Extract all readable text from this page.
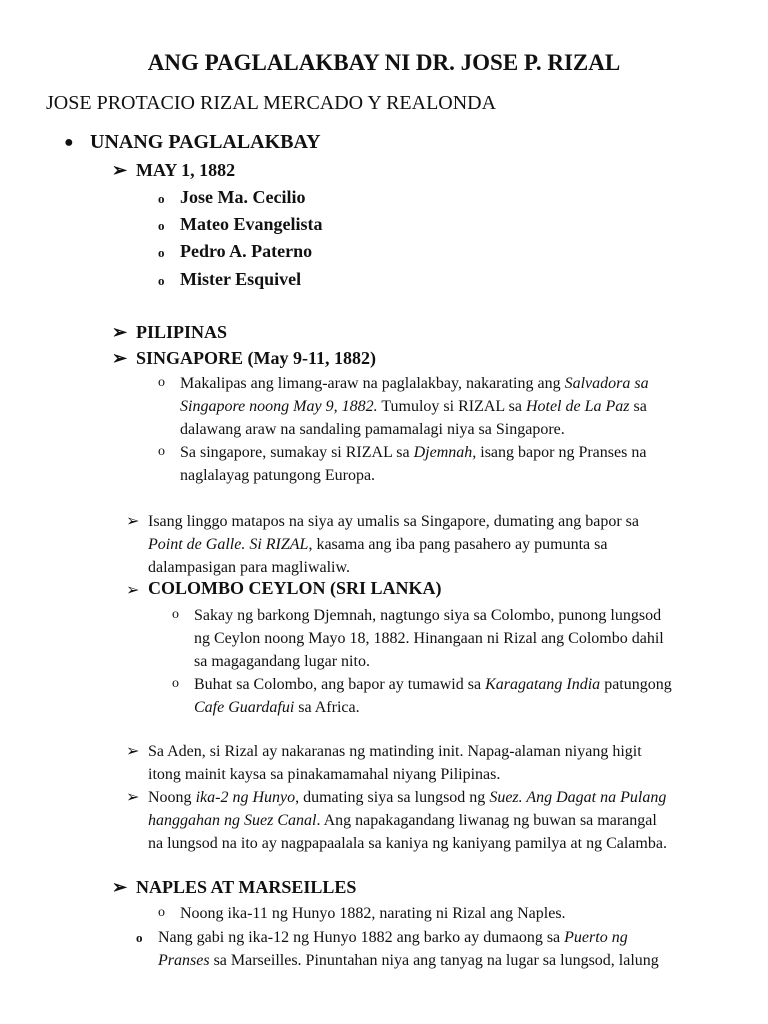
ANG PAGLALAKBAY NI DR. JOSE P. RIZAL
JOSE PROTACIO RIZAL MERCADO Y REALONDA
● UNANG PAGLALAKBAY
➢ MAY 1, 1882
o Jose Ma. Cecilio
o Mateo Evangelista
o Pedro A. Paterno
o Mister Esquivel
➢ PILIPINAS
➢ SINGAPORE (May 9-11, 1882)
o Makalipas ang limang-araw na paglalakbay, nakarating ang Salvadora sa
Singapore noong May 9, 1882. Tumuloy si RIZAL sa Hotel de La Paz sa
dalawang araw na sandaling pamamalagi niya sa Singapore.
o Sa singapore, sumakay si RIZAL sa Djemnah, isang bapor ng Pranses na
naglalayag patungong Europa.
➢ Isang linggo matapos na siya ay umalis sa Singapore, dumating ang bapor sa
Point de Galle. Si RIZAL, kasama ang iba pang pasahero ay pumunta sa
dalampasigan para magliwaliw.
➢ COLOMBO CEYLON (SRI LANKA)
o Sakay ng barkong Djemnah, nagtungo siya sa Colombo, punong lungsod
ng Ceylon noong Mayo 18, 1882. Hinangaan ni Rizal ang Colombo dahil
sa magagandang lugar nito.
o Buhat sa Colombo, ang bapor ay tumawid sa Karagatang India patungong
Cafe Guardafui sa Africa.
➢ Sa Aden, si Rizal ay nakaranas ng matinding init. Napag-alaman niyang higit
itong mainit kaysa sa pinakamamahal niyang Pilipinas.
➢ Noong ika-2 ng Hunyo, dumating siya sa lungsod ng Suez. Ang Dagat na Pulang
hanggahan ng Suez Canal. Ang napakagandang liwanag ng buwan sa marangal
na lungsod na ito ay nagpapaalala sa kaniya ng kaniyang pamilya at ng Calamba.
➢ NAPLES AT MARSEILLES
o Noong ika-11 ng Hunyo 1882, narating ni Rizal ang Naples.
o Nang gabi ng ika-12 ng Hunyo 1882 ang barko ay dumaong sa Puerto ng
Pranses sa Marseilles. Pinuntahan niya ang tanyag na lugar sa lungsod, lalung
